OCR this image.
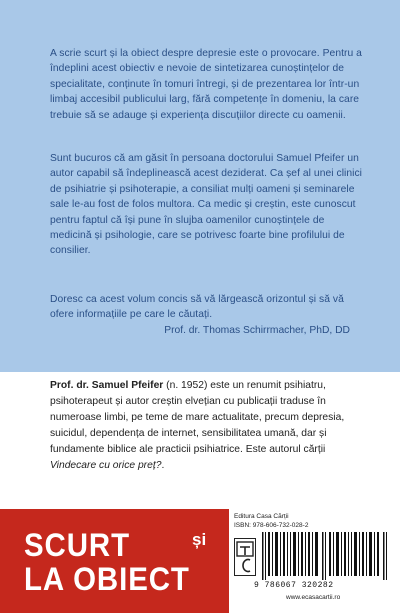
A scrie scurt și la obiect despre depresie este o provocare. Pentru a îndeplini acest obiectiv e nevoie de sintetizarea cunoștințelor de specialitate, conținute în tomuri întregi, și de prezentarea lor într-un limbaj accesibil publicului larg, fără competențe în domeniu, la care trebuie să se adauge și experiența discuțiilor directe cu oamenii.

Sunt bucuros că am găsit în persoana doctorului Samuel Pfeifer un autor capabil să îndeplinească acest deziderat. Ca șef al unei clinici de psihiatrie și psihoterapie, a consiliat mulți oameni și seminarele sale le-au fost de folos multora. Ca medic și creștin, este cunoscut pentru faptul că își pune în slujba oamenilor cunoștințele de medicină și psihologie, care se potrivesc foarte bine profilului de consilier.

Doresc ca acest volum concis să vă lărgească orizontul și să vă ofere informațiile pe care le căutați.

Prof. dr. Thomas Schirrmacher, PhD, DD

Prof. dr. Samuel Pfeifer (n. 1952) este un renumit psihiatru, psihoterapeut și autor creștin elvețian cu publicații traduse în numeroase limbi, pe teme de mare actualitate, precum depresia, suicidul, dependența de internet, sensibilitatea umană, dar și fundamente biblice ale practicii psihiatrice. Este autorul cărții Vindecare cu orice preț?.

SCURT	și
LA OBIECT
Editura Casa Cărții
ISBN: 978-606-732-028-2
9 786067 320282
www.ecasacartii.ro
